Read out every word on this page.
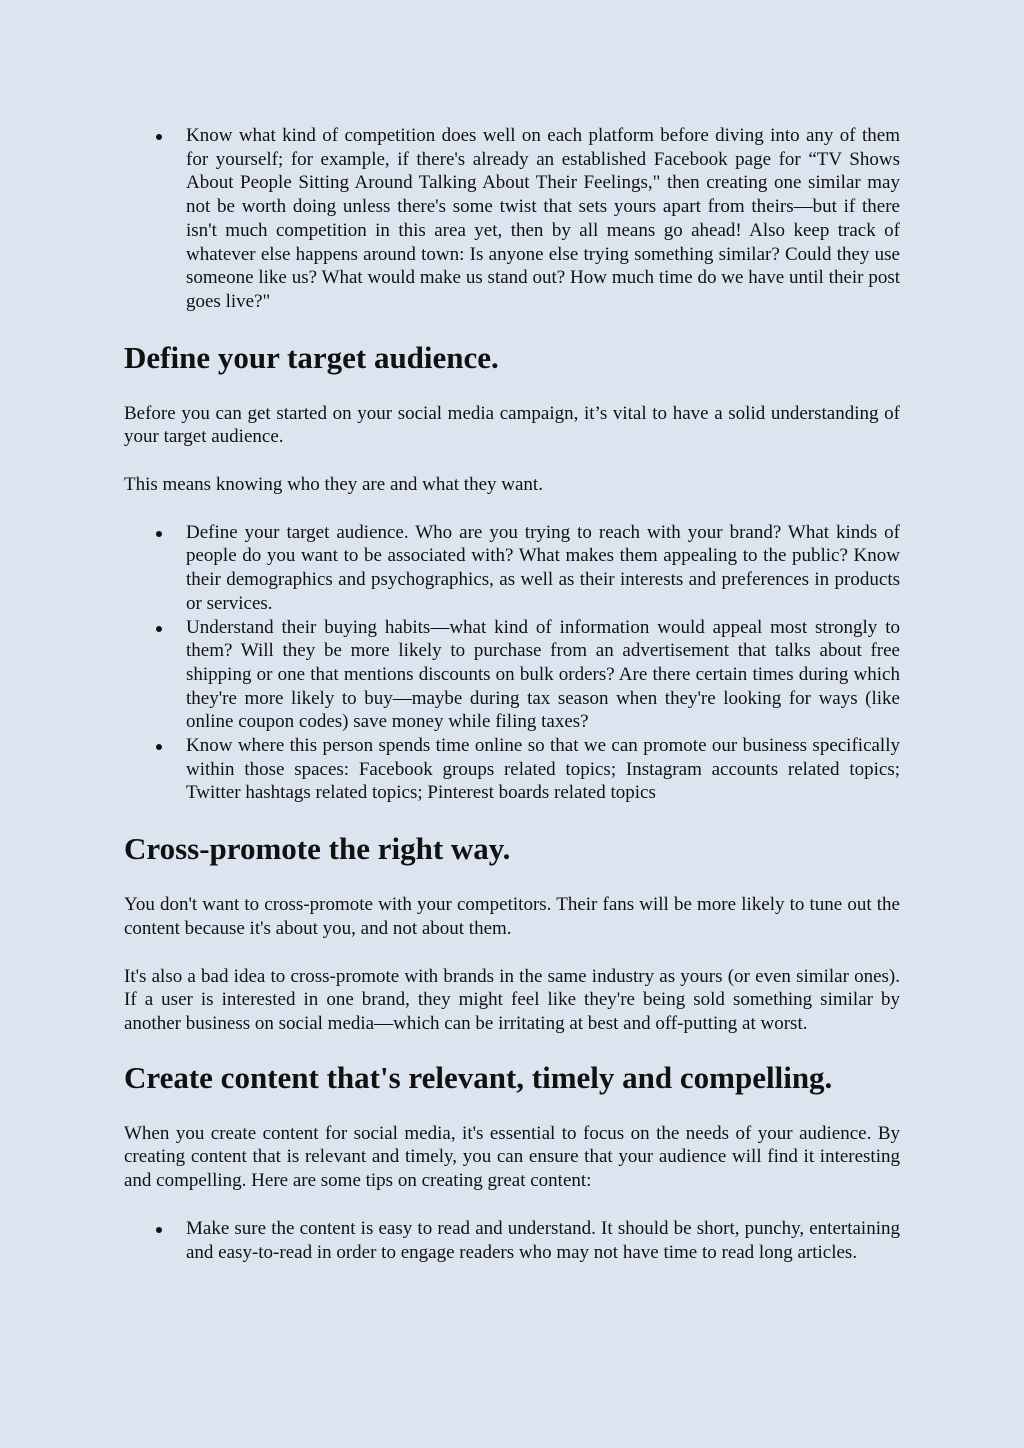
Know what kind of competition does well on each platform before diving into any of them for yourself; for example, if there's already an established Facebook page for “TV Shows About People Sitting Around Talking About Their Feelings," then creating one similar may not be worth doing unless there's some twist that sets yours apart from theirs—but if there isn't much competition in this area yet, then by all means go ahead! Also keep track of whatever else happens around town: Is anyone else trying something similar? Could they use someone like us? What would make us stand out? How much time do we have until their post goes live?"
Define your target audience.

Before you can get started on your social media campaign, it’s vital to have a solid understanding of your target audience.

This means knowing who they are and what they want.

Define your target audience. Who are you trying to reach with your brand? What kinds of people do you want to be associated with? What makes them appealing to the public? Know their demographics and psychographics, as well as their interests and preferences in products or services.
Understand their buying habits—what kind of information would appeal most strongly to them? Will they be more likely to purchase from an advertisement that talks about free shipping or one that mentions discounts on bulk orders? Are there certain times during which they're more likely to buy—maybe during tax season when they're looking for ways (like online coupon codes) save money while filing taxes?
Know where this person spends time online so that we can promote our business specifically within those spaces: Facebook groups related topics; Instagram accounts related topics; Twitter hashtags related topics; Pinterest boards related topics
Cross-promote the right way.

You don't want to cross-promote with your competitors. Their fans will be more likely to tune out the content because it's about you, and not about them.

It's also a bad idea to cross-promote with brands in the same industry as yours (or even similar ones). If a user is interested in one brand, they might feel like they're being sold something similar by another business on social media—which can be irritating at best and off-putting at worst.

Create content that's relevant, timely and compelling.

When you create content for social media, it's essential to focus on the needs of your audience. By creating content that is relevant and timely, you can ensure that your audience will find it interesting and compelling. Here are some tips on creating great content:

Make sure the content is easy to read and understand. It should be short, punchy, entertaining and easy-to-read in order to engage readers who may not have time to read long articles.
